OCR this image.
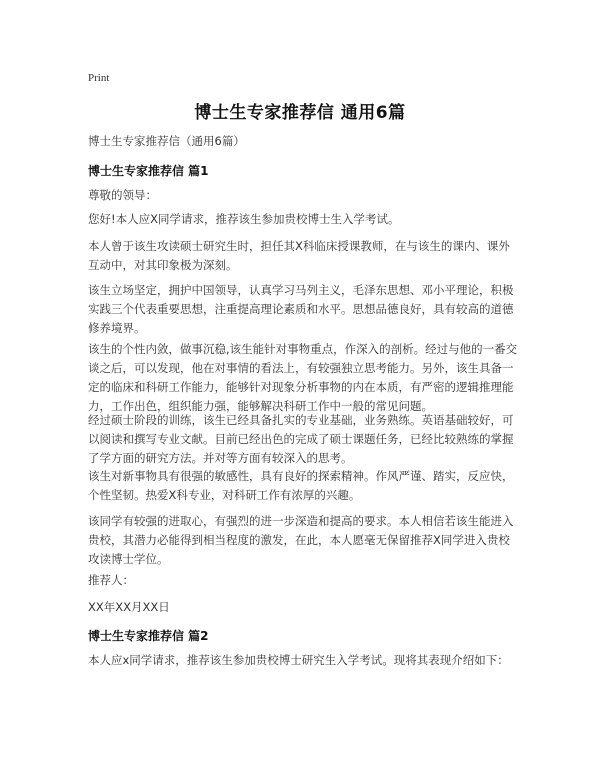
Print
博士生专家推荐信 通用6篇
博士生专家推荐信（通用6篇）
博士生专家推荐信 篇1

尊敬的领导：

您好!本人应X同学请求，推荐该生参加贵校博士生入学考试。

本人曾于该生攻读硕士研究生时，担任其X科临床授课教师，在与该生的课内、课外互动中，对其印象极为深刻。

该生立场坚定，拥护中国领导，认真学习马列主义，毛泽东思想、邓小平理论，积极实践三个代表重要思想，注重提高理论素质和水平。思想品德良好，具有较高的道德修养境界。

该生的个性内敛，做事沉稳,该生能针对事物重点，作深入的剖析。经过与他的一番交谈之后，可以发现，他在对事情的看法上，有较强独立思考能力。另外，该生具备一定的临床和科研工作能力，能够针对现象分析事物的内在本质，有严密的逻辑推理能力，工作出色，组织能力强，能够解决科研工作中一般的常见问题。

经过硕士阶段的训练，该生已经具备扎实的专业基础，业务熟练。英语基础较好，可以阅读和撰写专业文献。目前已经出色的完成了硕士课题任务，已经比较熟练的掌握了学方面的研究方法。并对等方面有较深入的思考。

该生对新事物具有很强的敏感性，具有良好的探索精神。作风严谨、踏实，反应快，个性坚韧。热爱X科专业，对科研工作有浓厚的兴趣。

该同学有较强的进取心，有强烈的进一步深造和提高的要求。本人相信若该生能进入贵校，其潜力必能得到相当程度的激发，在此，本人愿毫无保留推荐X同学进入贵校攻读博士学位。

推荐人：

XX年XX月XX日

博士生专家推荐信 篇2

本人应x同学请求，推荐该生参加贵校博士研究生入学考试。现将其表现介绍如下：
